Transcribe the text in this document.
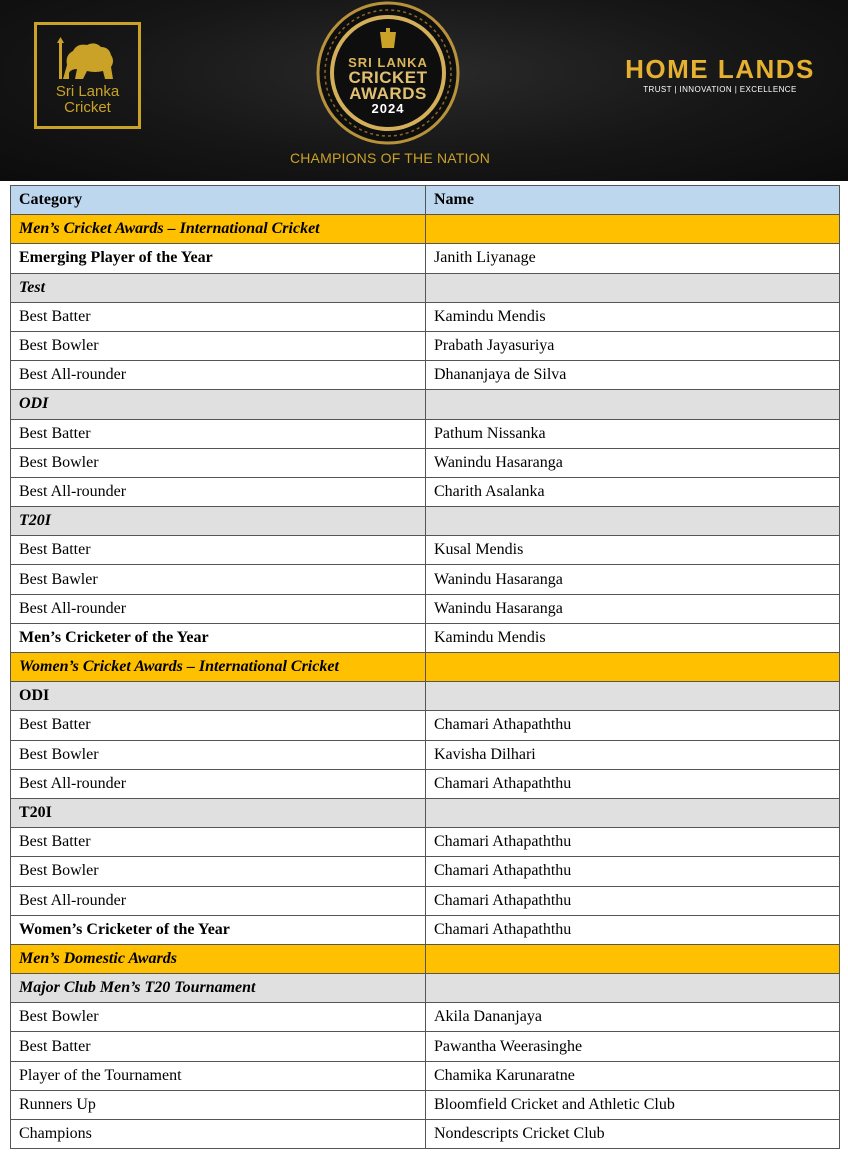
Sri Lanka
Cricket
SRI LANKA
CRICKET
AWARDS
2024
CHAMPIONS OF THE NATION
HOME LANDS
TRUST | INNOVATION | EXCELLENCE
Category	Name
Men’s Cricket Awards – International Cricket	
Emerging Player of the Year	Janith Liyanage
Test	
Best Batter	Kamindu Mendis
Best Bowler	Prabath Jayasuriya
Best All-rounder	Dhananjaya de Silva
ODI	
Best Batter	Pathum Nissanka
Best Bowler	Wanindu Hasaranga
Best All-rounder	Charith Asalanka
T20I	
Best Batter	Kusal Mendis
Best Bawler	Wanindu Hasaranga
Best All-rounder	Wanindu Hasaranga
Men’s Cricketer of the Year	Kamindu Mendis
Women’s Cricket Awards – International Cricket	
ODI	
Best Batter	Chamari Athapaththu
Best Bowler	Kavisha Dilhari
Best All-rounder	Chamari Athapaththu
T20I	
Best Batter	Chamari Athapaththu
Best Bowler	Chamari Athapaththu
Best All-rounder	Chamari Athapaththu
Women’s Cricketer of the Year	Chamari Athapaththu
Men’s Domestic Awards	
Major Club Men’s T20 Tournament	
Best Bowler	Akila Dananjaya
Best Batter	Pawantha Weerasinghe
Player of the Tournament	Chamika Karunaratne
Runners Up	Bloomfield Cricket and Athletic Club
Champions	Nondescripts Cricket Club
